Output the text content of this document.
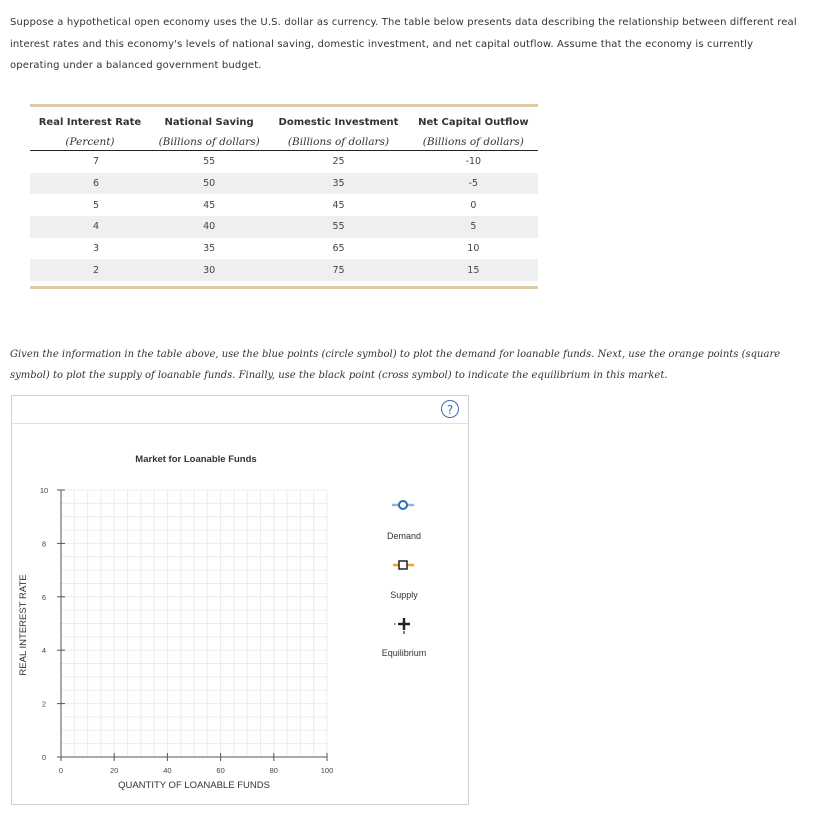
Suppose a hypothetical open economy uses the U.S. dollar as currency. The table below presents data describing the relationship between different real interest rates and this economy's levels of national saving, domestic investment, and net capital outflow. Assume that the economy is currently operating under a balanced government budget.
Real Interest Rate	National Saving	Domestic Investment	Net Capital Outflow
(Percent)	(Billions of dollars)	(Billions of dollars)	(Billions of dollars)
7	55	25	-10
6	50	35	-5
5	45	45	0
4	40	55	5
3	35	65	10
2	30	75	15
Given the information in the table above, use the blue points (circle symbol) to plot the demand for loanable funds. Next, use the orange points (square symbol) to plot the supply of loanable funds. Finally, use the black point (cross symbol) to indicate the equilibrium in this market.
?
Market for Loanable Funds
QUANTITY OF LOANABLE FUNDS
REAL INTEREST RATE
0	20	40	60	80	100
0
2
4
6
8
10
Demand
Supply
Equilibrium
